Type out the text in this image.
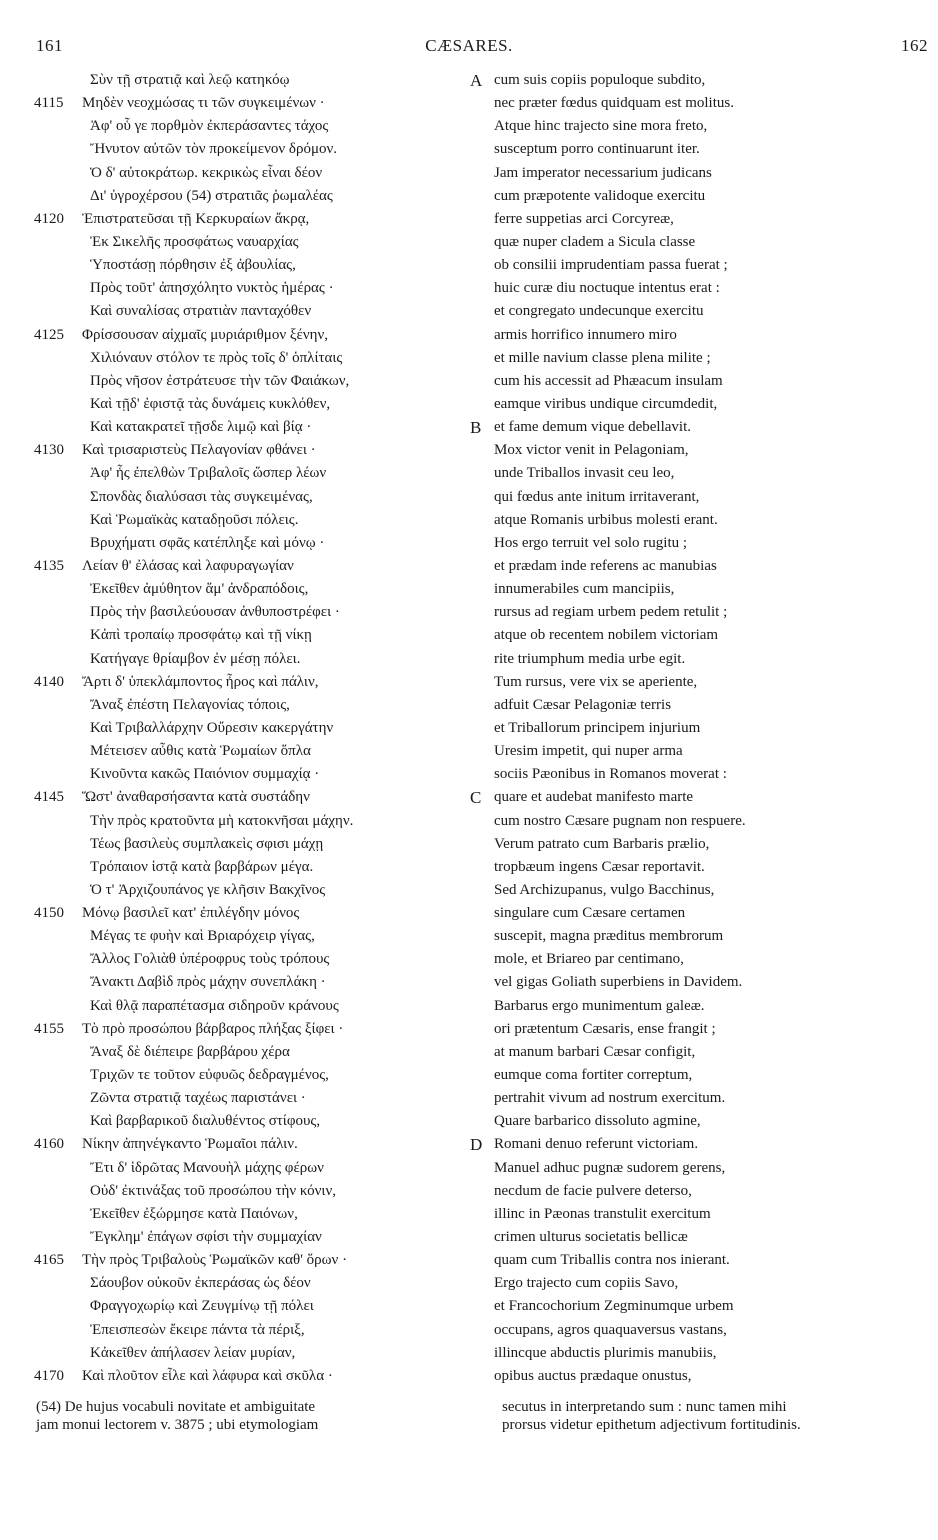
161	CÆSARES.	162
Σὺν τῇ στρατιᾷ καὶ λεῷ κατηκόῳ
4115	Μηδὲν νεοχμώσας τι τῶν συγκειμένων ·
Ἀφ' οὗ γε πορθμὸν ἐκπεράσαντες τάχος
Ἤνυτον αὐτῶν τὸν προκείμενον δρόμον.
Ὁ δ' αὐτοκράτωρ. κεκρικὼς εἶναι δέον
Δι' ὑγροχέρσου (54) στρατιᾶς ῥωμαλέας
4120	Ἐπιστρατεῦσαι τῇ Κερκυραίων ἄκρᾳ,
Ἐκ Σικελῆς προσφάτως ναυαρχίας
Ὑποστάσῃ πόρθησιν ἐξ ἀβουλίας,
Πρὸς τοῦτ' ἀπησχόλητο νυκτὸς ἡμέρας ·
Καὶ συναλίσας στρατιὰν πανταχόθεν
4125	Φρίσσουσαν αἰχμαῖς μυριάριθμον ξένην,
Χιλιόναυν στόλον τε πρὸς τοῖς δ' ὁπλίταις
Πρὸς νῆσον ἐστράτευσε τὴν τῶν Φαιάκων,
Καὶ τῇδ' ἐφιστᾷ τὰς δυνάμεις κυκλόθεν,
Καὶ κατακρατεῖ τῇσδε λιμῷ καὶ βίᾳ ·
4130	Καὶ τρισαριστεὺς Πελαγονίαν φθάνει ·
Ἀφ' ἧς ἐπελθὼν Τριβαλοῖς ὥσπερ λέων
Σπονδὰς διαλύσασι τὰς συγκειμένας,
Καὶ Ῥωμαϊκὰς καταδῃοῦσι πόλεις.
Βρυχήματι σφᾶς κατέπληξε καὶ μόνῳ ·
4135	Λείαν θ' ἐλάσας καὶ λαφυραγωγίαν
Ἐκεῖθεν ἀμύθητον ἅμ' ἀνδραπόδοις,
Πρὸς τὴν βασιλεύουσαν ἀνθυποστρέφει ·
Κἀπὶ τροπαίῳ προσφάτῳ καὶ τῇ νίκῃ
Κατήγαγε θρίαμβον ἐν μέσῃ πόλει.
4140	Ἄρτι δ' ὑπεκλάμποντος ἦρος καὶ πάλιν,
Ἄναξ ἐπέστη Πελαγονίας τόποις,
Καὶ Τριβαλλάρχην Οὔρεσιν κακεργάτην
Μέτεισεν αὖθις κατὰ Ῥωμαίων ὅπλα
Κινοῦντα κακῶς Παιόνιον συμμαχίᾳ ·
4145	Ὥστ' ἀναθαρσήσαντα κατὰ συστάδην
Τὴν πρὸς κρατοῦντα μὴ κατοκνῆσαι μάχην.
Τέως βασιλεὺς συμπλακεὶς σφισι μάχῃ
Τρόπαιον ἱστᾷ κατὰ βαρβάρων μέγα.
Ὁ τ' Ἀρχιζουπάνος γε κλῆσιν Βακχῖνος
4150	Μόνῳ βασιλεῖ κατ' ἐπιλέγδην μόνος
Μέγας τε φυὴν καὶ Βριαρόχειρ γίγας,
Ἄλλος Γολιὰθ ὑπέροφρυς τοὺς τρόπους
Ἄνακτι Δαβὶδ πρὸς μάχην συνεπλάκη ·
Καὶ θλᾷ παραπέτασμα σιδηροῦν κράνους
4155	Τὸ πρὸ προσώπου βάρβαρος πλήξας ξίφει ·
Ἄναξ δὲ διέπειρε βαρβάρου χέρα
Τριχῶν τε τοῦτον εὐφυῶς δεδραγμένος,
Ζῶντα στρατιᾷ ταχέως παριστάνει ·
Καὶ βαρβαρικοῦ διαλυθέντος στίφους,
4160	Νίκην ἀπηνέγκαντο Ῥωμαῖοι πάλιν.
Ἔτι δ' ἱδρῶτας Μανουὴλ μάχης φέρων
Οὐδ' ἐκτινάξας τοῦ προσώπου τὴν κόνιν,
Ἐκεῖθεν ἐξώρμησε κατὰ Παιόνων,
Ἔγκλημ' ἐπάγων σφίσι τὴν συμμαχίαν
4165	Τὴν πρὸς Τριβαλοὺς Ῥωμαϊκῶν καθ' ὅρων ·
Σάουβον οὐκοῦν ἐκπεράσας ὡς δέον
Φραγγοχωρίῳ καὶ Ζευγμίνῳ τῇ πόλει
Ἐπεισπεσὼν ἔκειρε πάντα τὰ πέριξ,
Κἀκεῖθεν ἀπήλασεν λείαν μυρίαν,
4170	Καὶ πλοῦτον εἷλε καὶ λάφυρα καὶ σκῦλα ·
A cum suis copiis populoque subdito,
nec præter fœdus quidquam est molitus.
Atque hinc trajecto sine mora freto,
susceptum porro continuarunt iter.
Jam imperator necessarium judicans
cum præpotente validoque exercitu
ferre suppetias arci Corcyreæ,
quæ nuper cladem a Sicula classe
ob consilii imprudentiam passa fuerat ;
huic curæ diu noctuque intentus erat :
et congregato undecunque exercitu
armis horrifico innumero miro
et mille navium classe plena milite ;
cum his accessit ad Phæacum insulam
eamque viribus undique circumdedit,
B et fame demum vique debellavit.
Mox victor venit in Pelagoniam,
unde Triballos invasit ceu leo,
qui fœdus ante initum irritaverant,
atque Romanis urbibus molesti erant.
Hos ergo terruit vel solo rugitu ;
et prædam inde referens ac manubias
innumerabiles cum mancipiis,
rursus ad regiam urbem pedem retulit ;
atque ob recentem nobilem victoriam
rite triumphum media urbe egit.
Tum rursus, vere vix se aperiente,
adfuit Cæsar Pelagoniæ terris
et Triballorum principem injurium
Uresim impetit, qui nuper arma
sociis Pæonibus in Romanos moverat :
C quare et audebat manifesto marte
cum nostro Cæsare pugnam non respuere.
Verum patrato cum Barbaris prælio,
tropbæum ingens Cæsar reportavit.
Sed Archizupanus, vulgo Bacchinus,
singulare cum Cæsare certamen
suscepit, magna præditus membrorum
mole, et Briareo par centimano,
vel gigas Goliath superbiens in Davidem.
Barbarus ergo munimentum galeæ.
ori prætentum Cæsaris, ense frangit ;
at manum barbari Cæsar configit,
eumque coma fortiter correptum,
pertrahit vivum ad nostrum exercitum.
Quare barbarico dissoluto agmine,
D Romani denuo referunt victoriam.
Manuel adhuc pugnæ sudorem gerens,
necdum de facie pulvere deterso,
illinc in Pæonas transtulit exercitum
crimen ulturus societatis bellicæ
quam cum Triballis contra nos inierant.
Ergo trajecto cum copiis Savo,
et Francochorium Zegminumque urbem
occupans, agros quaquaversus vastans,
illincque abductis plurimis manubiis,
opibus auctus prædaque onustus,
(54) De hujus vocabuli novitate et ambiguitate
jam monui lectorem v. 3875 ; ubi etymologiam
secutus in interpretando sum : nunc tamen mihi
prorsus videtur epithetum adjectivum fortitudinis.
